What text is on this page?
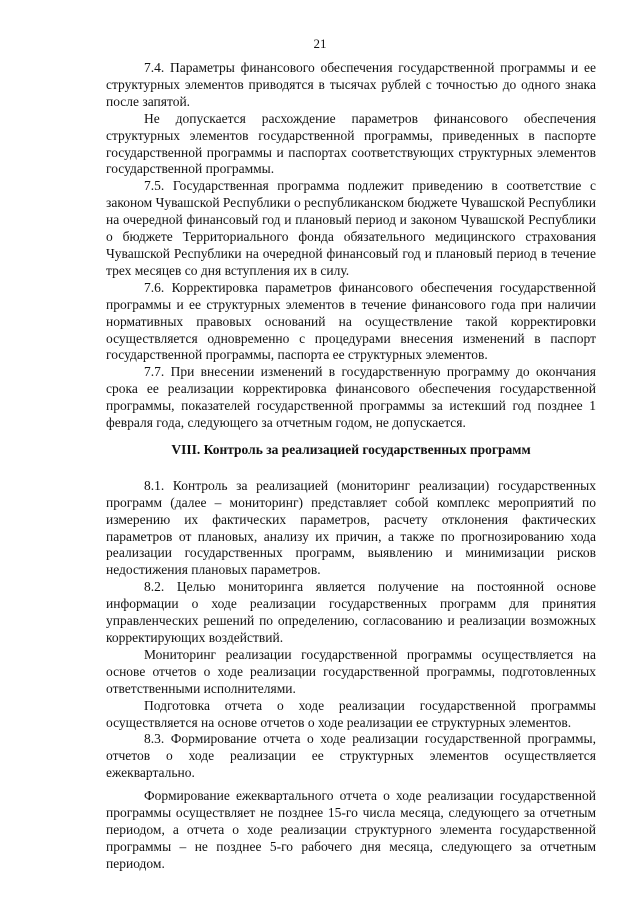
21

7.4. Параметры финансового обеспечения государственной программы и ее структурных элементов приводятся в тысячах рублей с точностью до одного знака после запятой.

Не допускается расхождение параметров финансового обеспечения структурных элементов государственной программы, приведенных в паспорте государственной программы и паспортах соответствующих структурных элементов государственной программы.

7.5. Государственная программа подлежит приведению в соответствие с законом Чувашской Республики о республиканском бюджете Чувашской Республики на очередной финансовый год и плановый период и законом Чувашской Республики о бюджете Территориального фонда обязательного медицинского страхования Чувашской Республики на очередной финансовый год и плановый период в течение трех месяцев со дня вступления их в силу.

7.6. Корректировка параметров финансового обеспечения государственной программы и ее структурных элементов в течение финансового года при наличии нормативных правовых оснований на осуществление такой корректировки осуществляется одновременно с процедурами внесения изменений в паспорт государственной программы, паспорта ее структурных элементов.

7.7. При внесении изменений в государственную программу до окончания срока ее реализации корректировка финансового обеспечения государственной программы, показателей государственной программы за истекший год позднее 1 февраля года, следующего за отчетным годом, не допускается.

VIII. Контроль за реализацией государственных программ

8.1. Контроль за реализацией (мониторинг реализации) государственных программ (далее – мониторинг) представляет собой комплекс мероприятий по измерению их фактических параметров, расчету отклонения фактических параметров от плановых, анализу их причин, а также по прогнозированию хода реализации государственных программ, выявлению и минимизации рисков недостижения плановых параметров.

8.2. Целью мониторинга является получение на постоянной основе информации о ходе реализации государственных программ для принятия управленческих решений по определению, согласованию и реализации возможных корректирующих воздействий.

Мониторинг реализации государственной программы осуществляется на основе отчетов о ходе реализации государственной программы, подготовленных ответственными исполнителями.

Подготовка отчета о ходе реализации государственной программы осуществляется на основе отчетов о ходе реализации ее структурных элементов.

8.3. Формирование отчета о ходе реализации государственной программы, отчетов о ходе реализации ее структурных элементов осуществляется ежеквартально.

Формирование ежеквартального отчета о ходе реализации государственной программы осуществляет не позднее 15-го числа месяца, следующего за отчетным периодом, а отчета о ходе реализации структурного элемента государственной программы – не позднее 5-го рабочего дня месяца, следующего за отчетным периодом.
